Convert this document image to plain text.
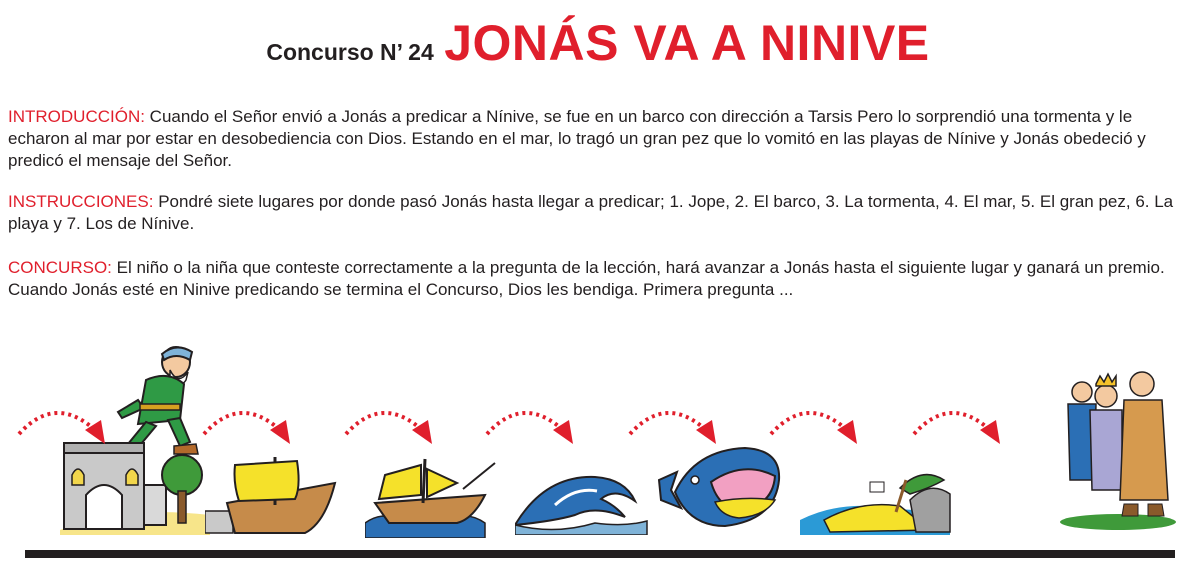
Concurso N’ 24 JONÁS VA A NINIVE
INTRODUCCIÓN: Cuando el Señor envió a Jonás a predicar a Nínive, se fue en un barco con dirección a Tarsis Pero lo sorprendió una tormenta y le echaron al mar por estar en desobediencia con Dios. Estando en el mar, lo tragó un gran pez que lo vomitó en las playas de Nínive y Jonás obedeció y predicó el mensaje del Señor.
INSTRUCCIONES: Pondré siete lugares por donde pasó Jonás hasta llegar a predicar; 1. Jope, 2. El barco, 3. La tormenta, 4. El mar, 5. El gran pez, 6. La playa y 7. Los de Nínive.
CONCURSO: El niño o la niña que conteste correctamente a la pregunta de la lección, hará avanzar a Jonás hasta el siguiente lugar y ganará un premio. Cuando Jonás esté en Ninive predicando se termina el Concurso, Dios les bendiga. Primera pregunta ...
